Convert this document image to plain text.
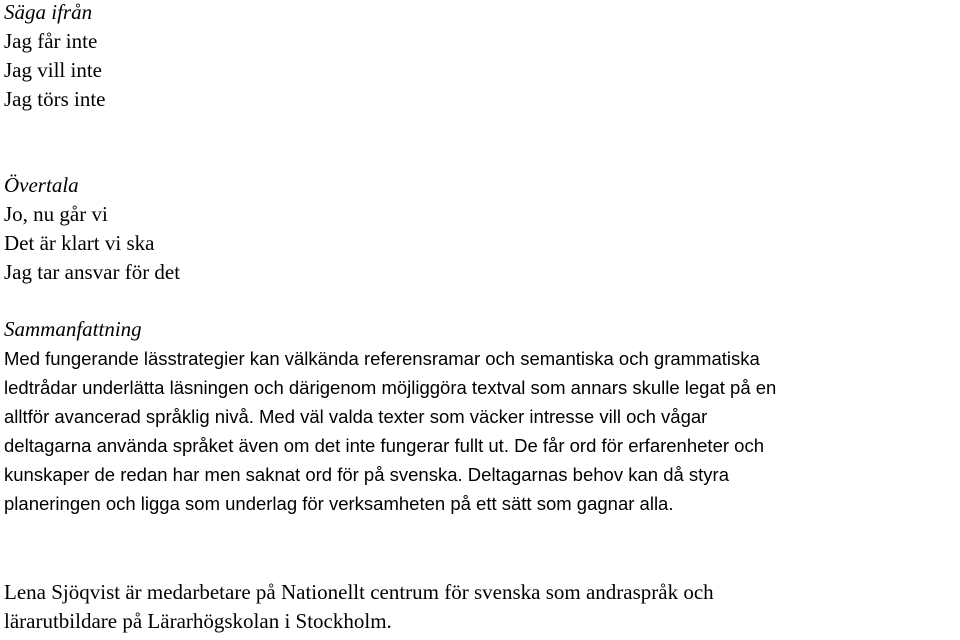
Säga ifrån
Jag får inte
Jag vill inte
Jag törs inte
Övertala
Jo, nu går vi
Det är klart vi ska
Jag tar ansvar för det
Sammanfattning
Med fungerande lässtrategier kan välkända referensramar och semantiska och grammatiska
ledtrådar underlätta läsningen och därigenom möjliggöra textval som annars skulle legat på en
alltför avancerad språklig nivå. Med väl valda texter som väcker intresse vill och vågar
deltagarna använda språket även om det inte fungerar fullt ut. De får ord för erfarenheter och
kunskaper de redan har men saknat ord för på svenska. Deltagarnas behov kan då styra
planeringen och ligga som underlag för verksamheten på ett sätt som gagnar alla.
Lena Sjöqvist är medarbetare på Nationellt centrum för svenska som andraspråk och
lärarutbildare på Lärarhögskolan i Stockholm.
